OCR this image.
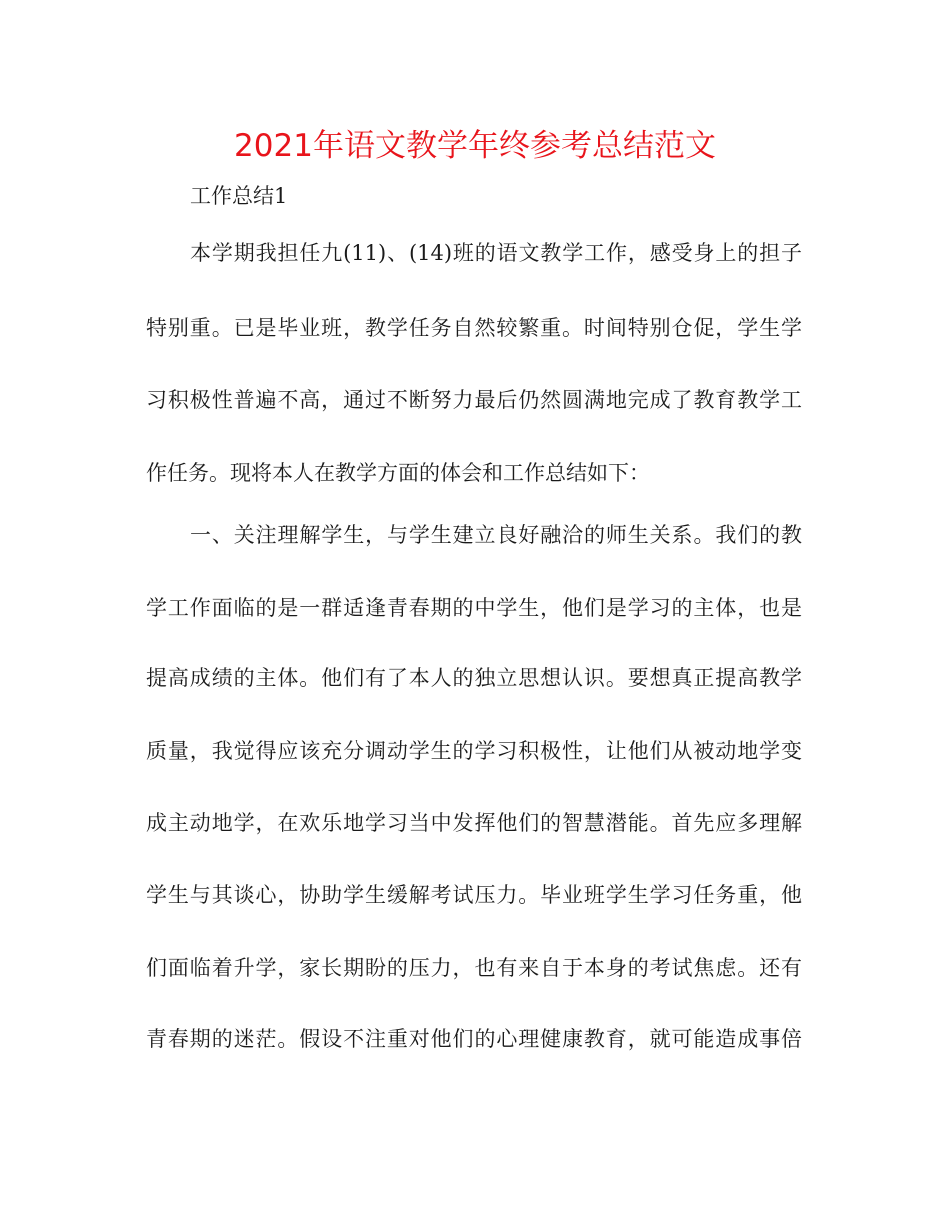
2021年语文教学年终参考总结范文

工作总结1

本学期我担任九(11)、(14)班的语文教学工作，感受身上的担子

特别重。已是毕业班，教学任务自然较繁重。时间特别仓促，学生学

习积极性普遍不高，通过不断努力最后仍然圆满地完成了教育教学工

作任务。现将本人在教学方面的体会和工作总结如下：

一、关注理解学生，与学生建立良好融洽的师生关系。我们的教

学工作面临的是一群适逢青春期的中学生，他们是学习的主体，也是

提高成绩的主体。他们有了本人的独立思想认识。要想真正提高教学

质量，我觉得应该充分调动学生的学习积极性，让他们从被动地学变

成主动地学，在欢乐地学习当中发挥他们的智慧潜能。首先应多理解

学生与其谈心，协助学生缓解考试压力。毕业班学生学习任务重，他

们面临着升学，家长期盼的压力，也有来自于本身的考试焦虑。还有

青春期的迷茫。假设不注重对他们的心理健康教育，就可能造成事倍
